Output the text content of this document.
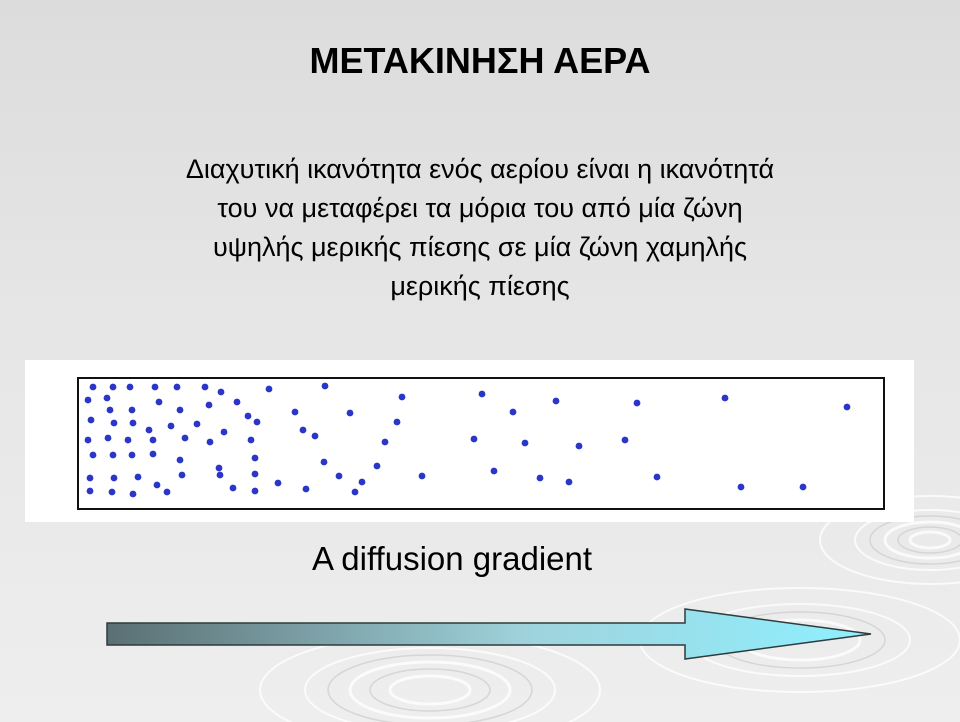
ΜΕΤΑΚΙΝΗΣΗ ΑΕΡΑ
Διαχυτική ικανότητα ενός αερίου είναι η ικανότητά
του να μεταφέρει τα μόρια του από μία ζώνη
υψηλής μερικής πίεσης σε μία ζώνη χαμηλής
μερικής πίεσης
A diffusion gradient
